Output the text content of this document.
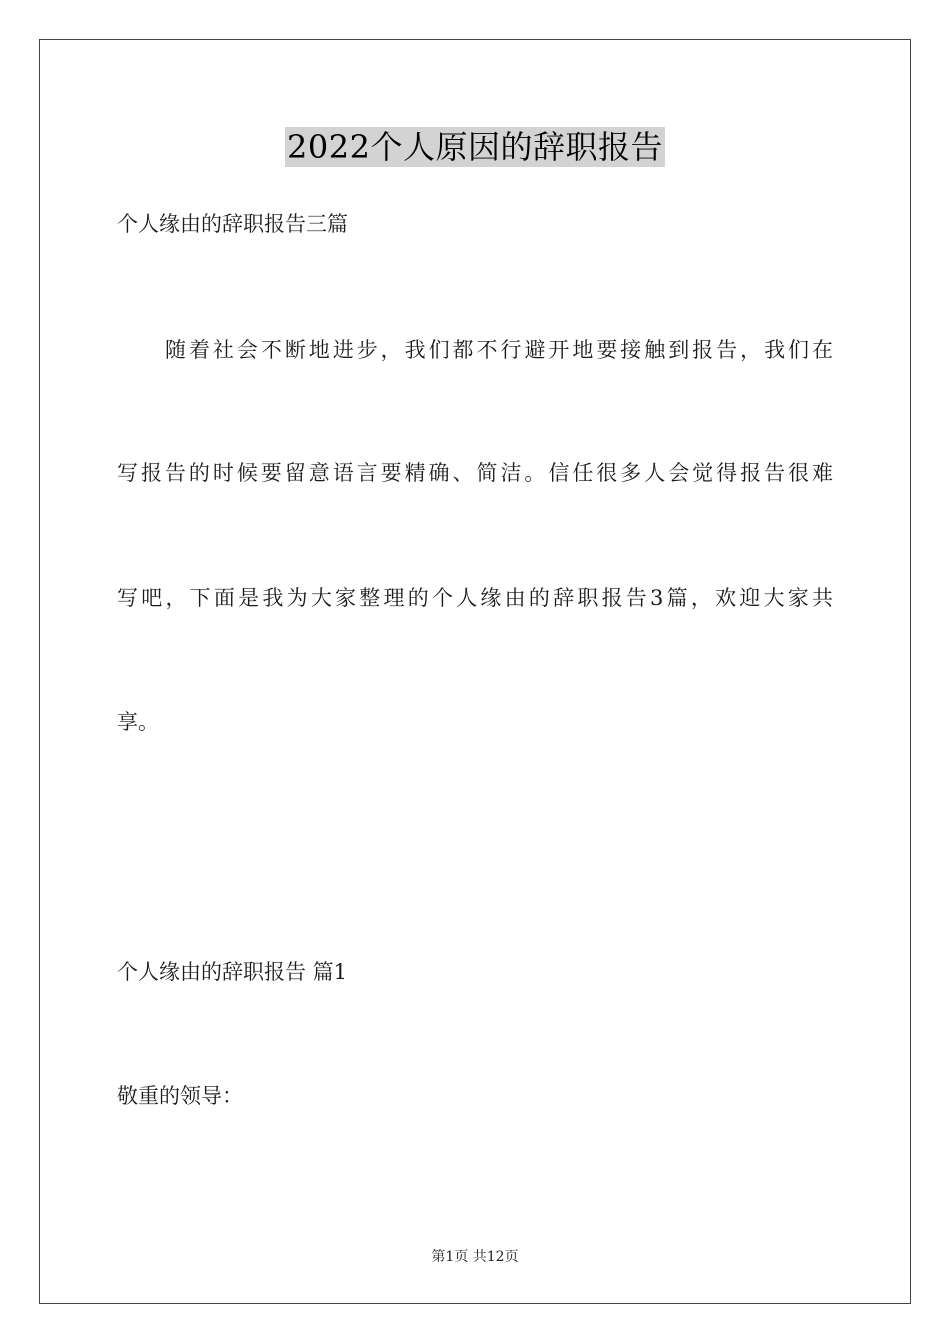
2022个人原因的辞职报告
个人缘由的辞职报告三篇
随着社会不断地进步，我们都不行避开地要接触到报告，我们在
写报告的时候要留意语言要精确、简洁。信任很多人会觉得报告很难
写吧，下面是我为大家整理的个人缘由的辞职报告3篇，欢迎大家共
享。
个人缘由的辞职报告 篇1
敬重的领导：
第1页 共12页
